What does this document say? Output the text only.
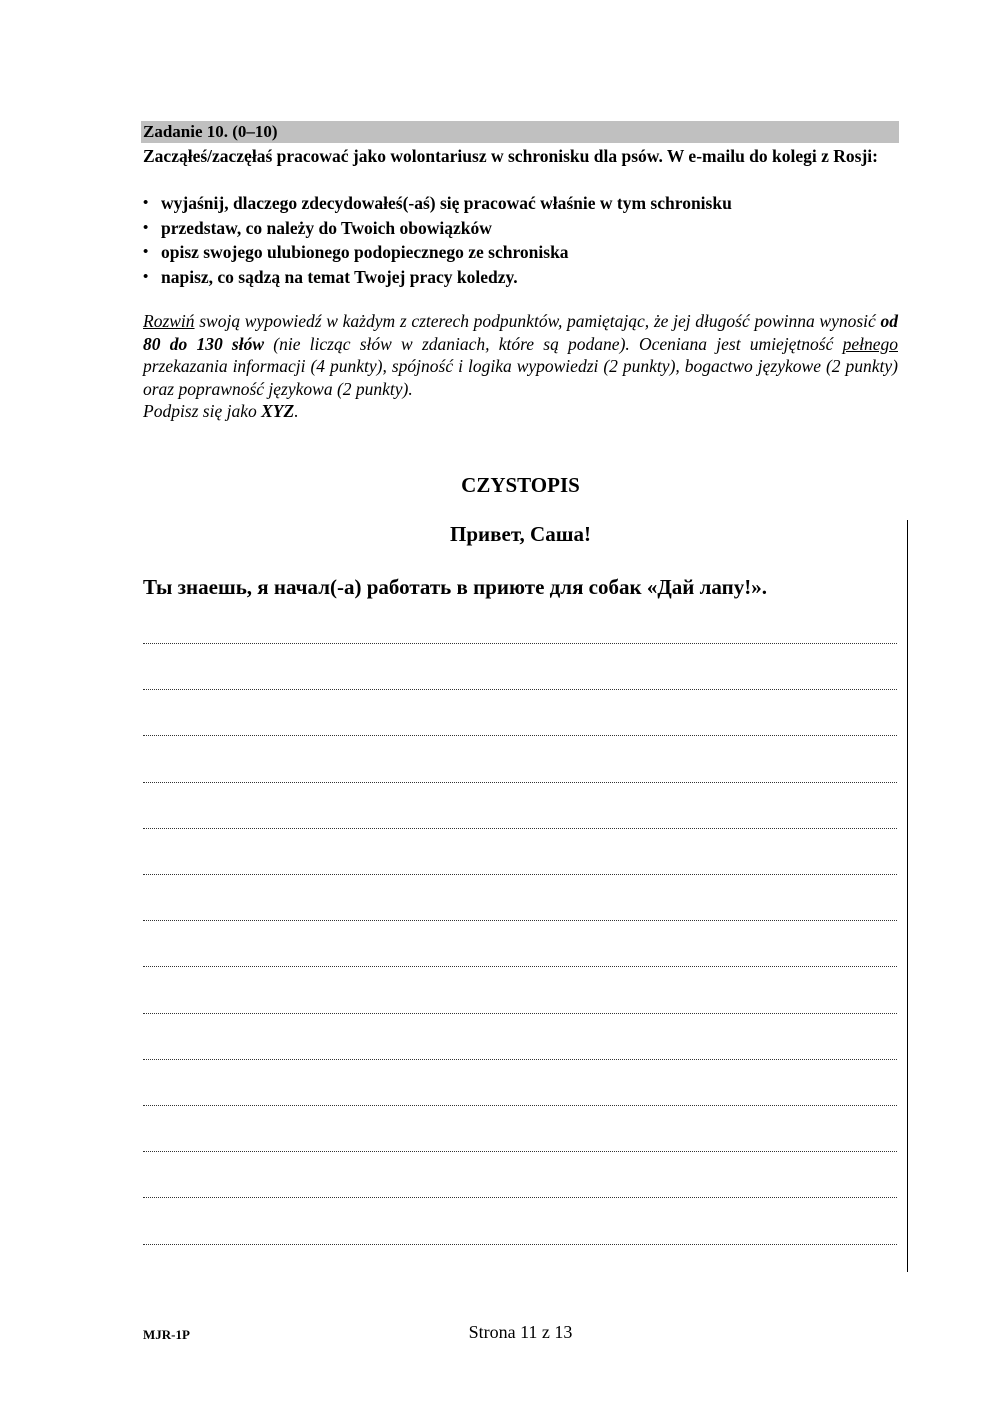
Zadanie 10. (0–10)
Zacząłeś/zaczęłaś pracować jako wolontariusz w schronisku dla psów. W e-mailu do kolegi z Rosji:
• wyjaśnij, dlaczego zdecydowałeś(-aś) się pracować właśnie w tym schronisku
• przedstaw, co należy do Twoich obowiązków
• opisz swojego ulubionego podopiecznego ze schroniska
• napisz, co sądzą na temat Twojej pracy koledzy.
Rozwiń swoją wypowiedź w każdym z czterech podpunktów, pamiętając, że jej długość powinna wynosić od 80 do 130 słów (nie licząc słów w zdaniach, które są podane). Oceniana jest umiejętność pełnego przekazania informacji (4 punkty), spójność i logika wypowiedzi (2 punkty), bogactwo językowe (2 punkty) oraz poprawność językowa (2 punkty).
Podpisz się jako XYZ.
CZYSTOPIS
Привет, Саша!
Ты знаешь, я начал(-а) работать в приюте для собак «Дай лапу!».
MJR-1P	Strona 11 z 13
